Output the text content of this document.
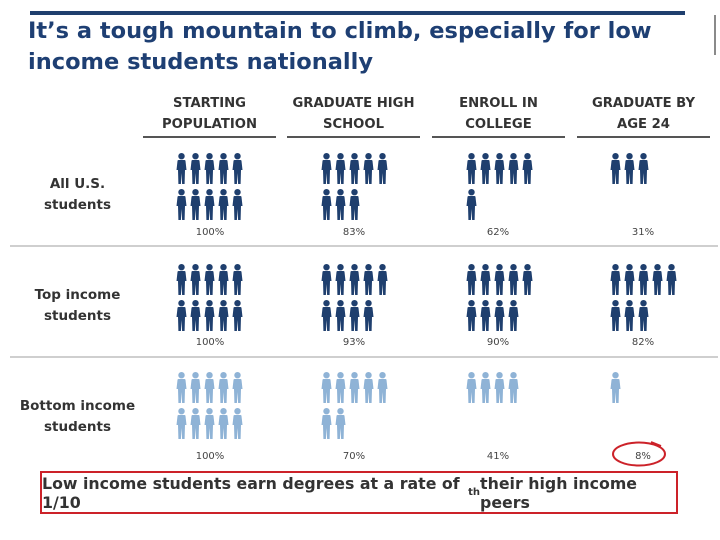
It’s a tough mountain to climb, especially for low income students nationally
STARTING
POPULATION
GRADUATE HIGH
SCHOOL
ENROLL IN
COLLEGE
GRADUATE BY
AGE 24
All U.S.
students
Top income
students
Bottom income
students
100%	83%	62%	31%
100%	93%	90%	82%
100%	70%	41%	8%
Low income students earn degrees at a rate of 1/10	th their high income peers
